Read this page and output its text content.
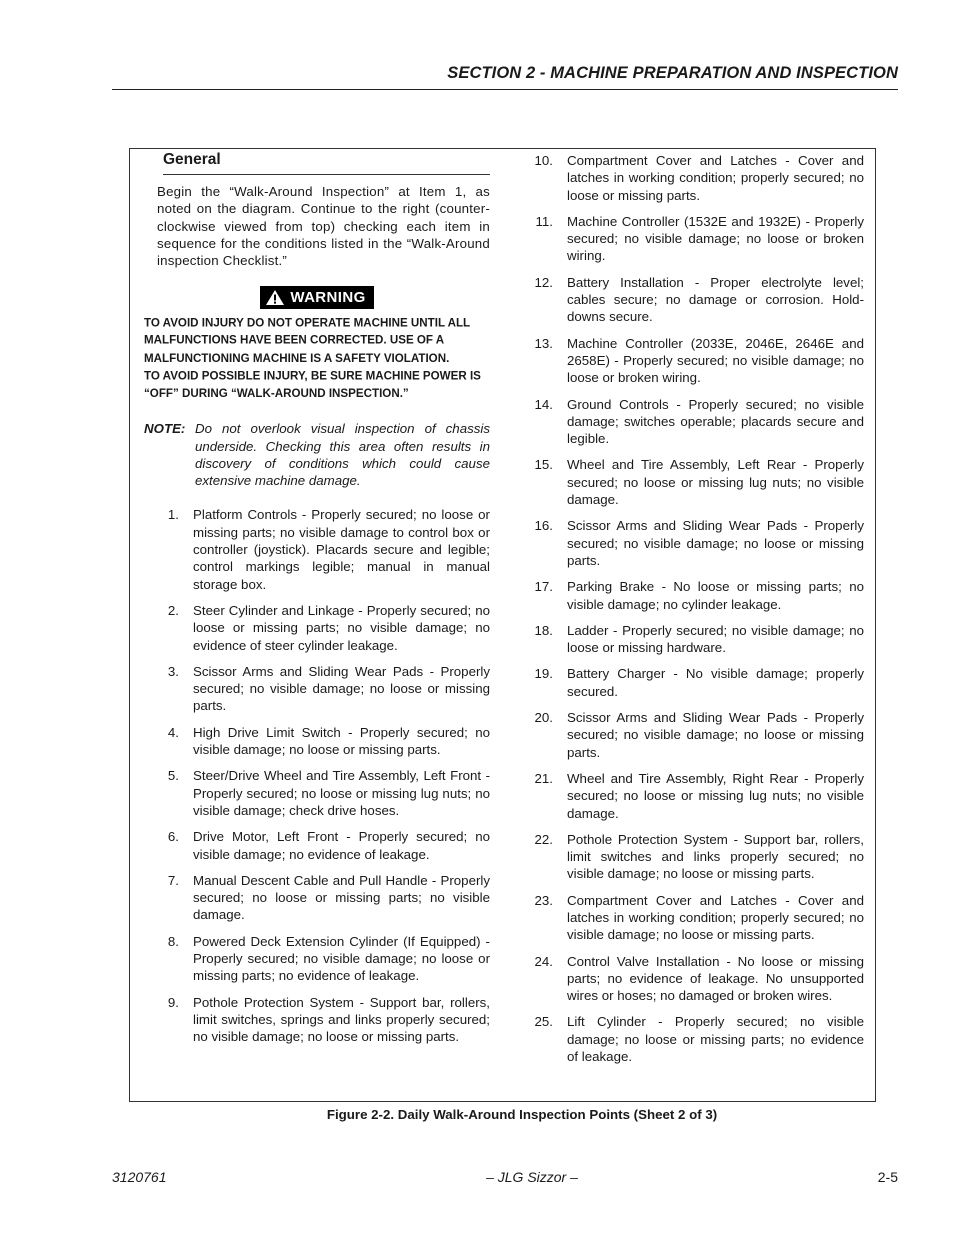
SECTION 2 - MACHINE PREPARATION AND INSPECTION
General
Begin the “Walk-Around Inspection” at Item 1, as noted on the diagram. Continue to the right (counter-clockwise viewed from top) checking each item in sequence for the conditions listed in the “Walk-Around inspection Checklist.”
WARNING

TO AVOID INJURY DO NOT OPERATE MACHINE UNTIL ALL MALFUNCTIONS HAVE BEEN CORRECTED. USE OF A MALFUNCTIONING MACHINE IS A SAFETY VIOLATION.

TO AVOID POSSIBLE INJURY, BE SURE MACHINE POWER IS “OFF” DURING “WALK-AROUND INSPECTION.”

NOTE: Do not overlook visual inspection of chassis underside. Checking this area often results in discovery of conditions which could cause extensive machine damage.
1.	Platform Controls - Properly secured; no loose or missing parts; no visible damage to control box or controller (joystick). Placards secure and legible; control markings legible; manual in manual storage box.
2.	Steer Cylinder and Linkage - Properly secured; no loose or missing parts; no visible damage; no evidence of steer cylinder leakage.
3.	Scissor Arms and Sliding Wear Pads - Properly secured; no visible damage; no loose or missing parts.
4.	High Drive Limit Switch - Properly secured; no visible damage; no loose or missing parts.
5.	Steer/Drive Wheel and Tire Assembly, Left Front - Properly secured; no loose or missing lug nuts; no visible damage; check drive hoses.
6.	Drive Motor, Left Front - Properly secured; no visible damage; no evidence of leakage.
7.	Manual Descent Cable and Pull Handle - Properly secured; no loose or missing parts; no visible damage.
8.	Powered Deck Extension Cylinder (If Equipped) - Properly secured; no visible damage; no loose or missing parts; no evidence of leakage.
9.	Pothole Protection System - Support bar, rollers, limit switches, springs and links properly secured; no visible damage; no loose or missing parts.
10.	Compartment Cover and Latches - Cover and latches in working condition; properly secured; no loose or missing parts.
11.	Machine Controller (1532E and 1932E) - Properly secured; no visible damage; no loose or broken wiring.
12.	Battery Installation - Proper electrolyte level; cables secure; no damage or corrosion. Hold-downs secure.
13.	Machine Controller (2033E, 2046E, 2646E and 2658E) - Properly secured; no visible damage; no loose or broken wiring.
14.	Ground Controls - Properly secured; no visible damage; switches operable; placards secure and legible.
15.	Wheel and Tire Assembly, Left Rear - Properly secured; no loose or missing lug nuts; no visible damage.
16.	Scissor Arms and Sliding Wear Pads - Properly secured; no visible damage; no loose or missing parts.
17.	Parking Brake - No loose or missing parts; no visible damage; no cylinder leakage.
18.	Ladder - Properly secured; no visible damage; no loose or missing hardware.
19.	Battery Charger - No visible damage; properly secured.
20.	Scissor Arms and Sliding Wear Pads - Properly secured; no visible damage; no loose or missing parts.
21.	Wheel and Tire Assembly, Right Rear - Properly secured; no loose or missing lug nuts; no visible damage.
22.	Pothole Protection System - Support bar, rollers, limit switches and links properly secured; no visible damage; no loose or missing parts.
23.	Compartment Cover and Latches - Cover and latches in working condition; properly secured; no visible damage; no loose or missing parts.
24.	Control Valve Installation - No loose or missing parts; no evidence of leakage. No unsupported wires or hoses; no damaged or broken wires.
25.	Lift Cylinder - Properly secured; no visible damage; no loose or missing parts; no evidence of leakage.
Figure 2-2. Daily Walk-Around Inspection Points (Sheet 2 of 3)
3120761	– JLG Sizzor –	2-5
